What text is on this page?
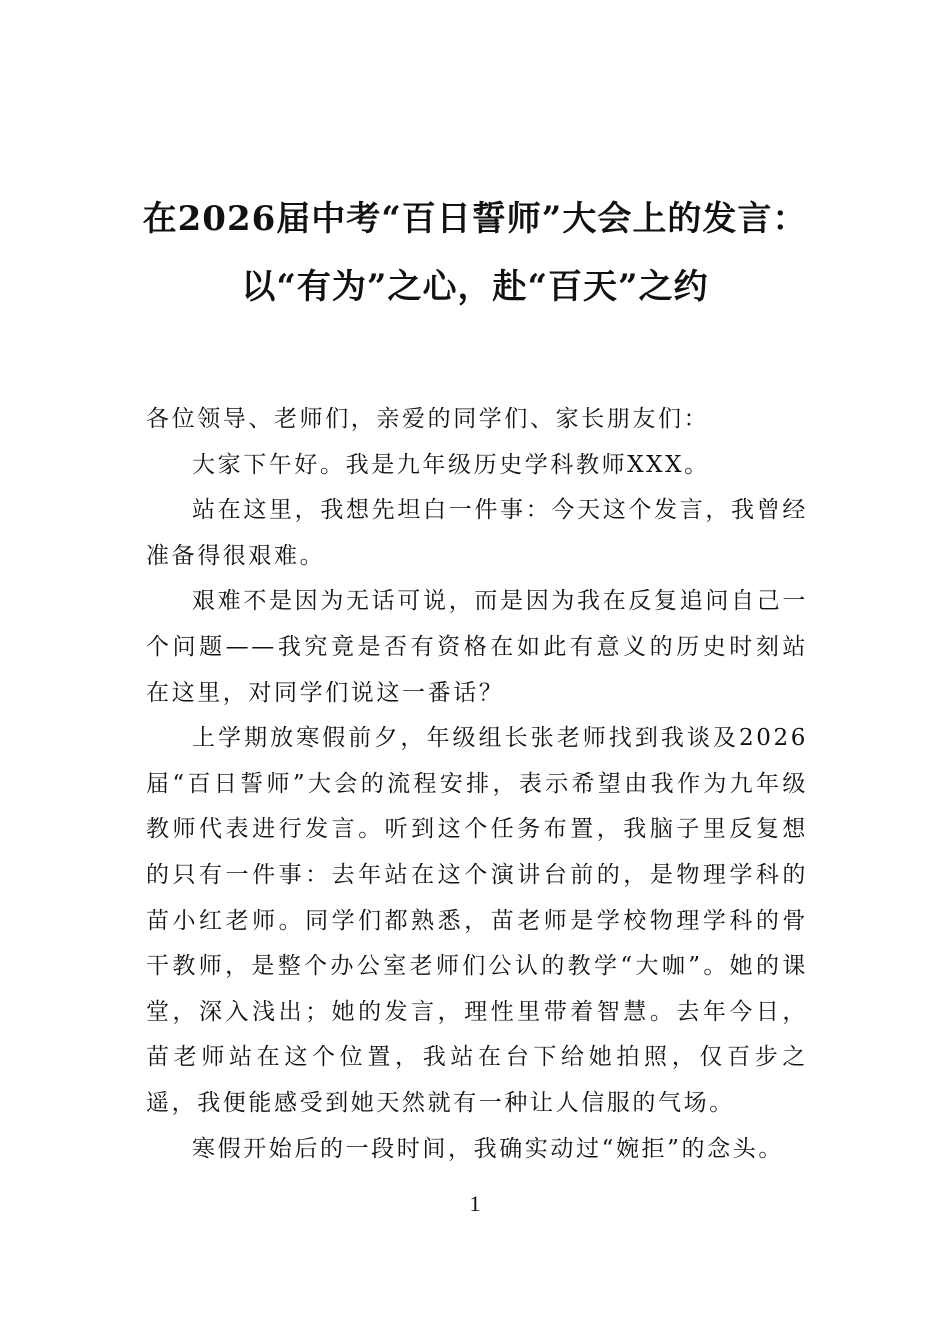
在2026届中考“百日誓师”大会上的发言：
以“有为”之心，赴“百天”之约

各位领导、老师们，亲爱的同学们、家长朋友们：

大家下午好。我是九年级历史学科教师XXX。

站在这里，我想先坦白一件事：今天这个发言，我曾经准备得很艰难。

艰难不是因为无话可说，而是因为我在反复追问自己一个问题——我究竟是否有资格在如此有意义的历史时刻站在这里，对同学们说这一番话？

上学期放寒假前夕，年级组长张老师找到我谈及2026届“百日誓师”大会的流程安排，表示希望由我作为九年级教师代表进行发言。听到这个任务布置，我脑子里反复想的只有一件事：去年站在这个演讲台前的，是物理学科的苗小红老师。同学们都熟悉，苗老师是学校物理学科的骨干教师，是整个办公室老师们公认的教学“大咖”。她的课堂，深入浅出；她的发言，理性里带着智慧。去年今日，苗老师站在这个位置，我站在台下给她拍照，仅百步之遥，我便能感受到她天然就有一种让人信服的气场。

寒假开始后的一段时间，我确实动过“婉拒”的念头。

1
